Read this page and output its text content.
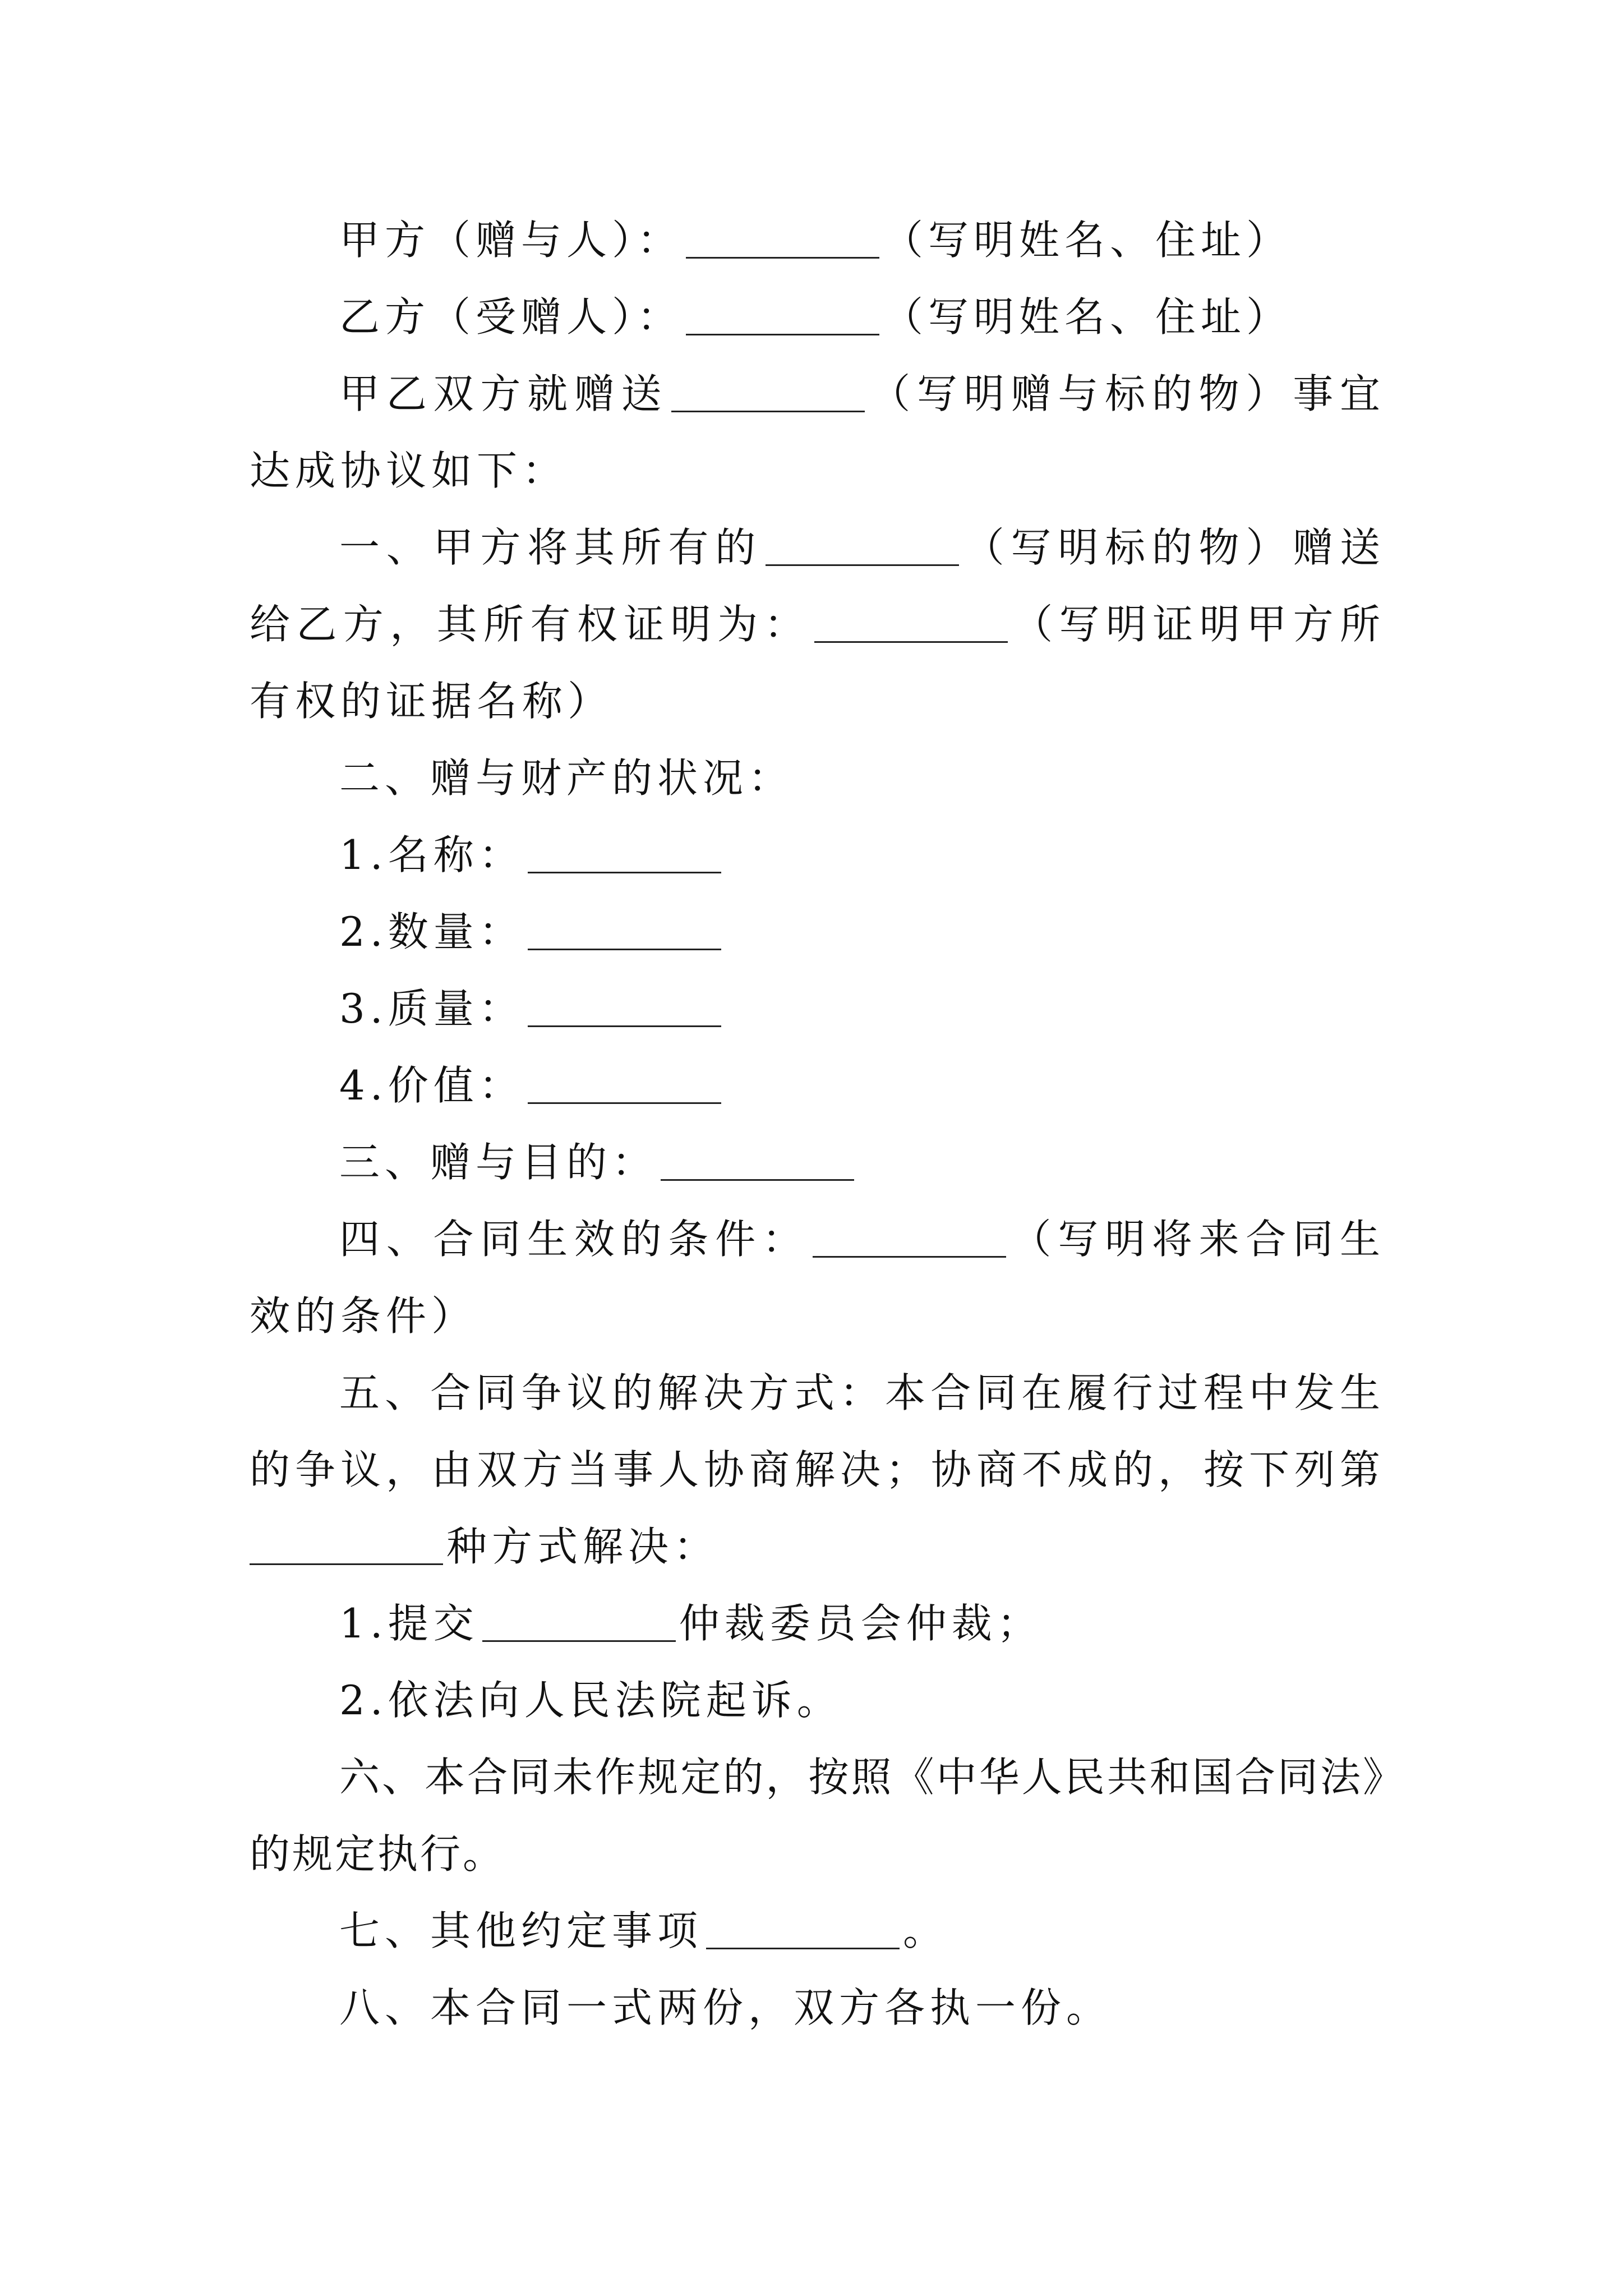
甲方（赠与人）：	（写明姓名、住址）

乙方（受赠人）：	（写明姓名、住址）

甲乙双方就赠送	（写明赠与标的物）事宜达成协议如下：

一、甲方将其所有的	（写明标的物）赠送给乙方，其所有权证明为：	（写明证明甲方所有权的证据名称）

二、赠与财产的状况：

1.名称：

2.数量：

3.质量：

4.价值：

三、赠与目的：

四、合同生效的条件：	（写明将来合同生效的条件）

五、合同争议的解决方式：本合同在履行过程中发生的争议，由双方当事人协商解决；协商不成的，按下列第种方式解决：

1.提交	仲裁委员会仲裁；

2.依法向人民法院起诉。

六、本合同未作规定的，按照《中华人民共和国合同法》的规定执行。

七、其他约定事项	。

八、本合同一式两份，双方各执一份。
